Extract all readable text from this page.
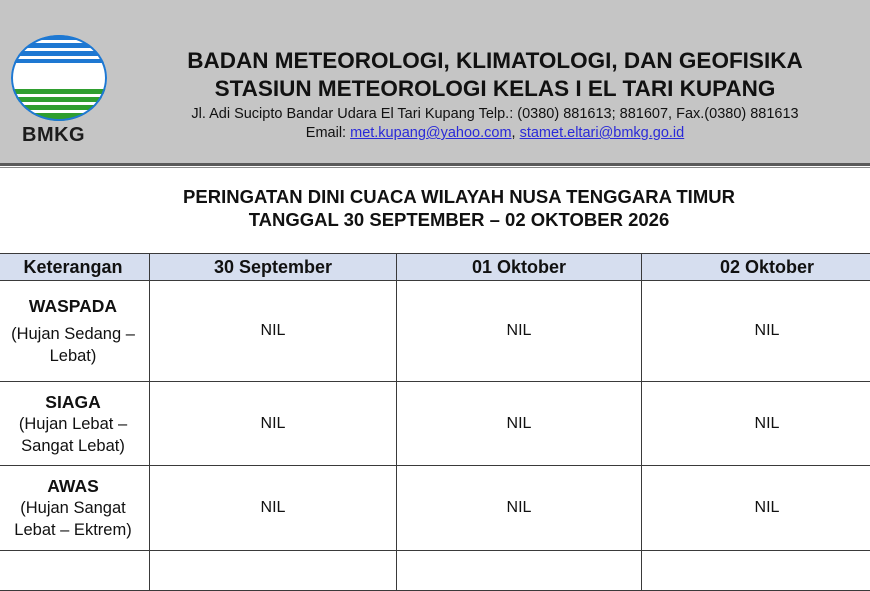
BMKG
BADAN METEOROLOGI, KLIMATOLOGI, DAN GEOFISIKA
STASIUN METEOROLOGI KELAS I EL TARI KUPANG
Jl. Adi Sucipto Bandar Udara El Tari Kupang Telp.: (0380) 881613; 881607, Fax.(0380) 881613
Email: met.kupang@yahoo.com, stamet.eltari@bmkg.go.id
PERINGATAN DINI CUACA WILAYAH NUSA TENGGARA TIMUR
TANGGAL 30 SEPTEMBER – 02 OKTOBER 2026
Keterangan	30 September	01 Oktober	02 Oktober

WASPADA
(Hujan Sedang –
Lebat)	NIL	NIL	NIL

SIAGA
(Hujan Lebat –
Sangat Lebat)	NIL	NIL	NIL

AWAS
(Hujan Sangat
Lebat – Ektrem)	NIL	NIL	NIL
